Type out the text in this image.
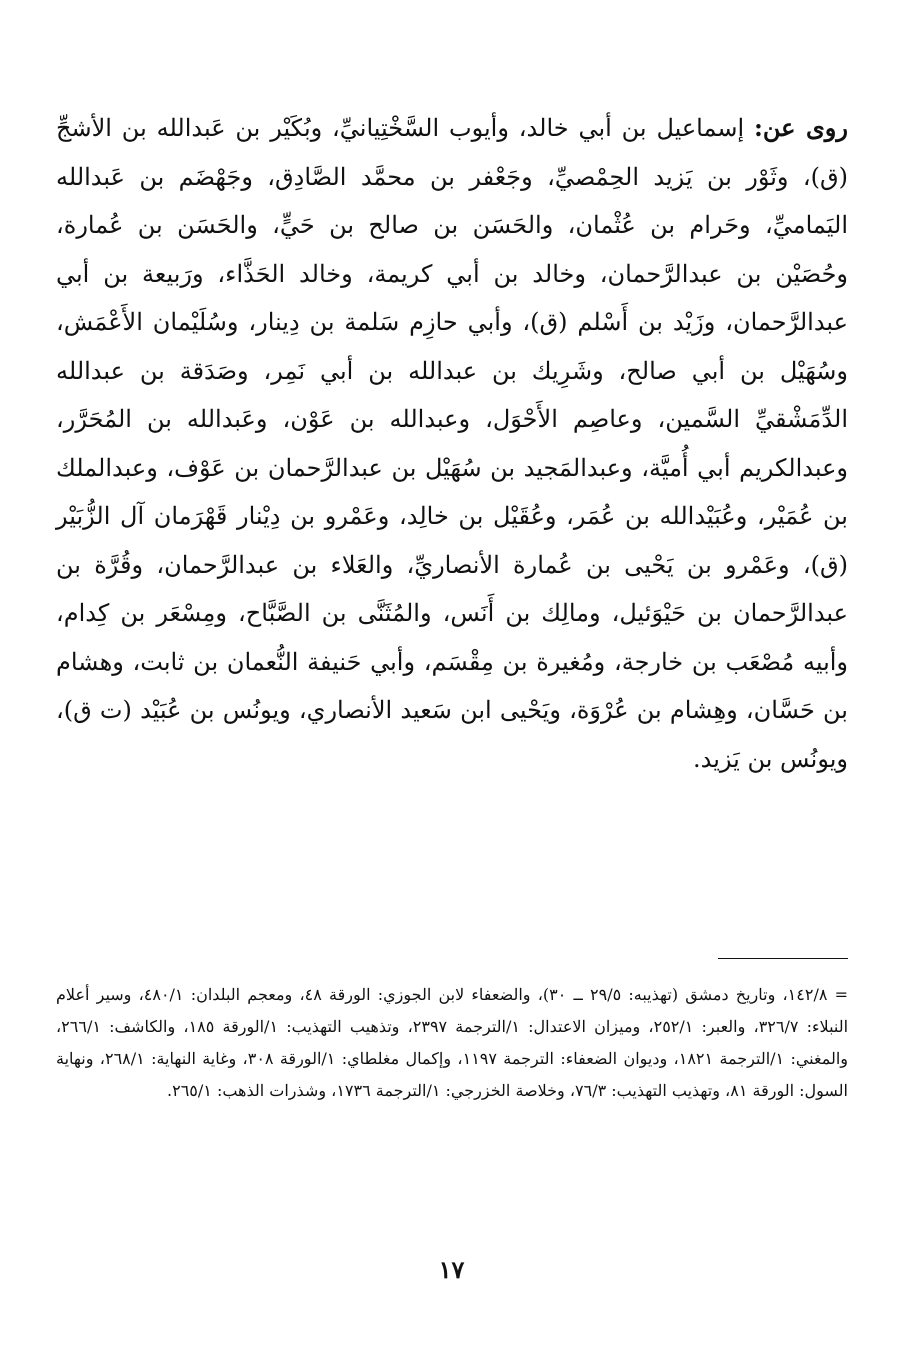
روى عن: إسماعيل بن أبي خالد، وأيوب السَّخْتِيانيِّ، وبُكَيْر بن عَبدالله بن الأشجِّ (ق)، وثَوْر بن يَزيد الحِمْصيِّ، وجَعْفر بن محمَّد الصَّادِق، وجَهْضَم بن عَبدالله اليَماميِّ، وحَرام بن عُثْمان، والحَسَن بن صالح بن حَيٍّ، والحَسَن بن عُمارة، وحُصَيْن بن عبدالرَّحمان، وخالد بن أبي كريمة، وخالد الحَذَّاء، ورَبيعة بن أبي عبدالرَّحمان، وزَيْد بن أَسْلم (ق)، وأبي حازِم سَلمة بن دِينار، وسُلَيْمان الأَعْمَش، وسُهَيْل بن أبي صالح، وشَرِيك بن عبدالله بن أبي نَمِر، وصَدَقة بن عبدالله الدِّمَشْقيِّ السَّمين، وعاصِم الأَحْوَل، وعبدالله بن عَوْن، وعَبدالله بن المُحَرَّر، وعبدالكريم أبي أُميَّة، وعبدالمَجيد بن سُهَيْل بن عبدالرَّحمان بن عَوْف، وعبدالملك بن عُمَيْر، وعُبَيْدالله بن عُمَر، وعُقَيْل بن خالِد، وعَمْرو بن دِيْنار قَهْرَمان آل الزُّبَيْر (ق)، وعَمْرو بن يَحْيى بن عُمارة الأنصاريِّ، والعَلاء بن عبدالرَّحمان، وقُرَّة بن عبدالرَّحمان بن حَيْوَئيل، ومالِك بن أَنَس، والمُثَنَّى بن الصَّبَّاح، ومِسْعَر بن كِدام، وأبيه مُصْعَب بن خارجة، ومُغيرة بن مِقْسَم، وأبي حَنيفة النُّعمان بن ثابت، وهشام بن حَسَّان، وهِشام بن عُرْوَة، ويَحْيى ابن سَعيد الأنصاري، ويونُس بن عُبَيْد (ت ق)، ويونُس بن يَزيد.

= ١٤٢/٨، وتاريخ دمشق (تهذيبه: ٢٩/٥ ــ ٣٠)، والضعفاء لابن الجوزي: الورقة ٤٨، ومعجم البلدان: ٤٨٠/١، وسير أعلام النبلاء: ٣٢٦/٧، والعبر: ٢٥٢/١، وميزان الاعتدال: ١/الترجمة ٢٣٩٧، وتذهيب التهذيب: ١/الورقة ١٨٥، والكاشف: ٢٦٦/١، والمغني: ١/الترجمة ١٨٢١، وديوان الضعفاء: الترجمة ١١٩٧، وإكمال مغلطاي: ١/الورقة ٣٠٨، وغاية النهاية: ٢٦٨/١، ونهاية السول: الورقة ٨١، وتهذيب التهذيب: ٧٦/٣، وخلاصة الخزرجي: ١/الترجمة ١٧٣٦، وشذرات الذهب: ٢٦٥/١.

١٧
